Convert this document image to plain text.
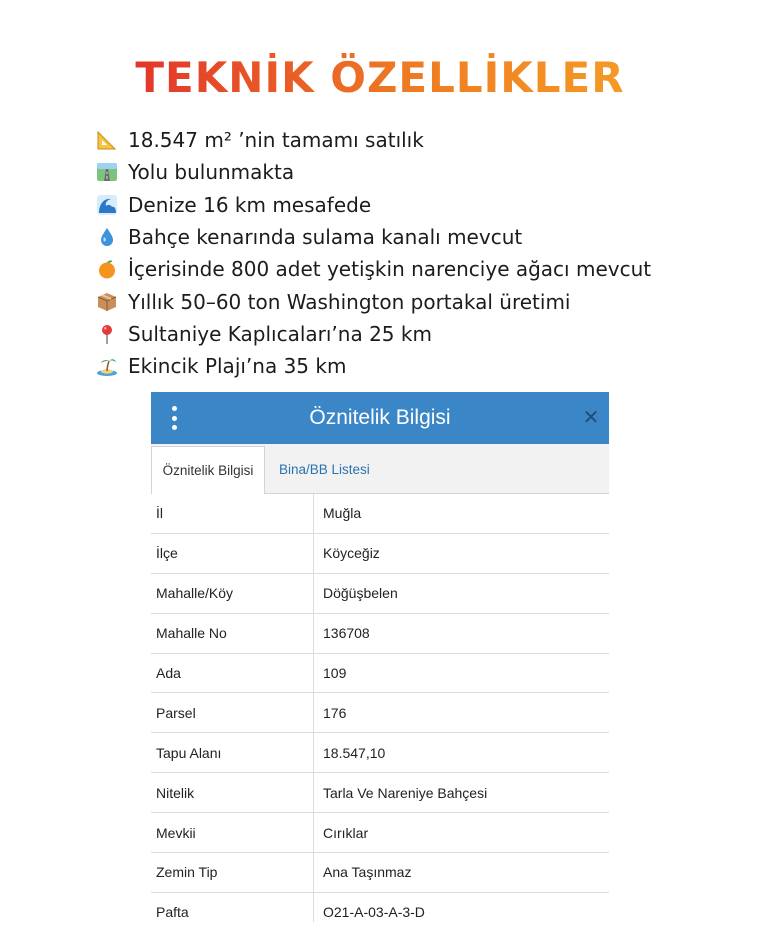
TEKNİK ÖZELLİKLER
18.547 m² ’nin tamamı satılık
Yolu bulunmakta
Denize 16 km mesafede
Bahçe kenarında sulama kanalı mevcut
İçerisinde 800 adet yetişkin narenciye ağacı mevcut
Yıllık 50–60 ton Washington portakal üretimi
Sultaniye Kaplıcaları’na 25 km
Ekincik Plajı’na 35 km
Öznitelik Bilgisi	✕
Öznitelik Bilgisi	Bina/BB Listesi
İl	Muğla
İlçe	Köyceğiz
Mahalle/Köy	Döğüşbelen
Mahalle No	136708
Ada	109
Parsel	176
Tapu Alanı	18.547,10
Nitelik	Tarla Ve Nareniye Bahçesi
Mevkii	Cırıklar
Zemin Tip	Ana Taşınmaz
Pafta	O21-A-03-A-3-D
